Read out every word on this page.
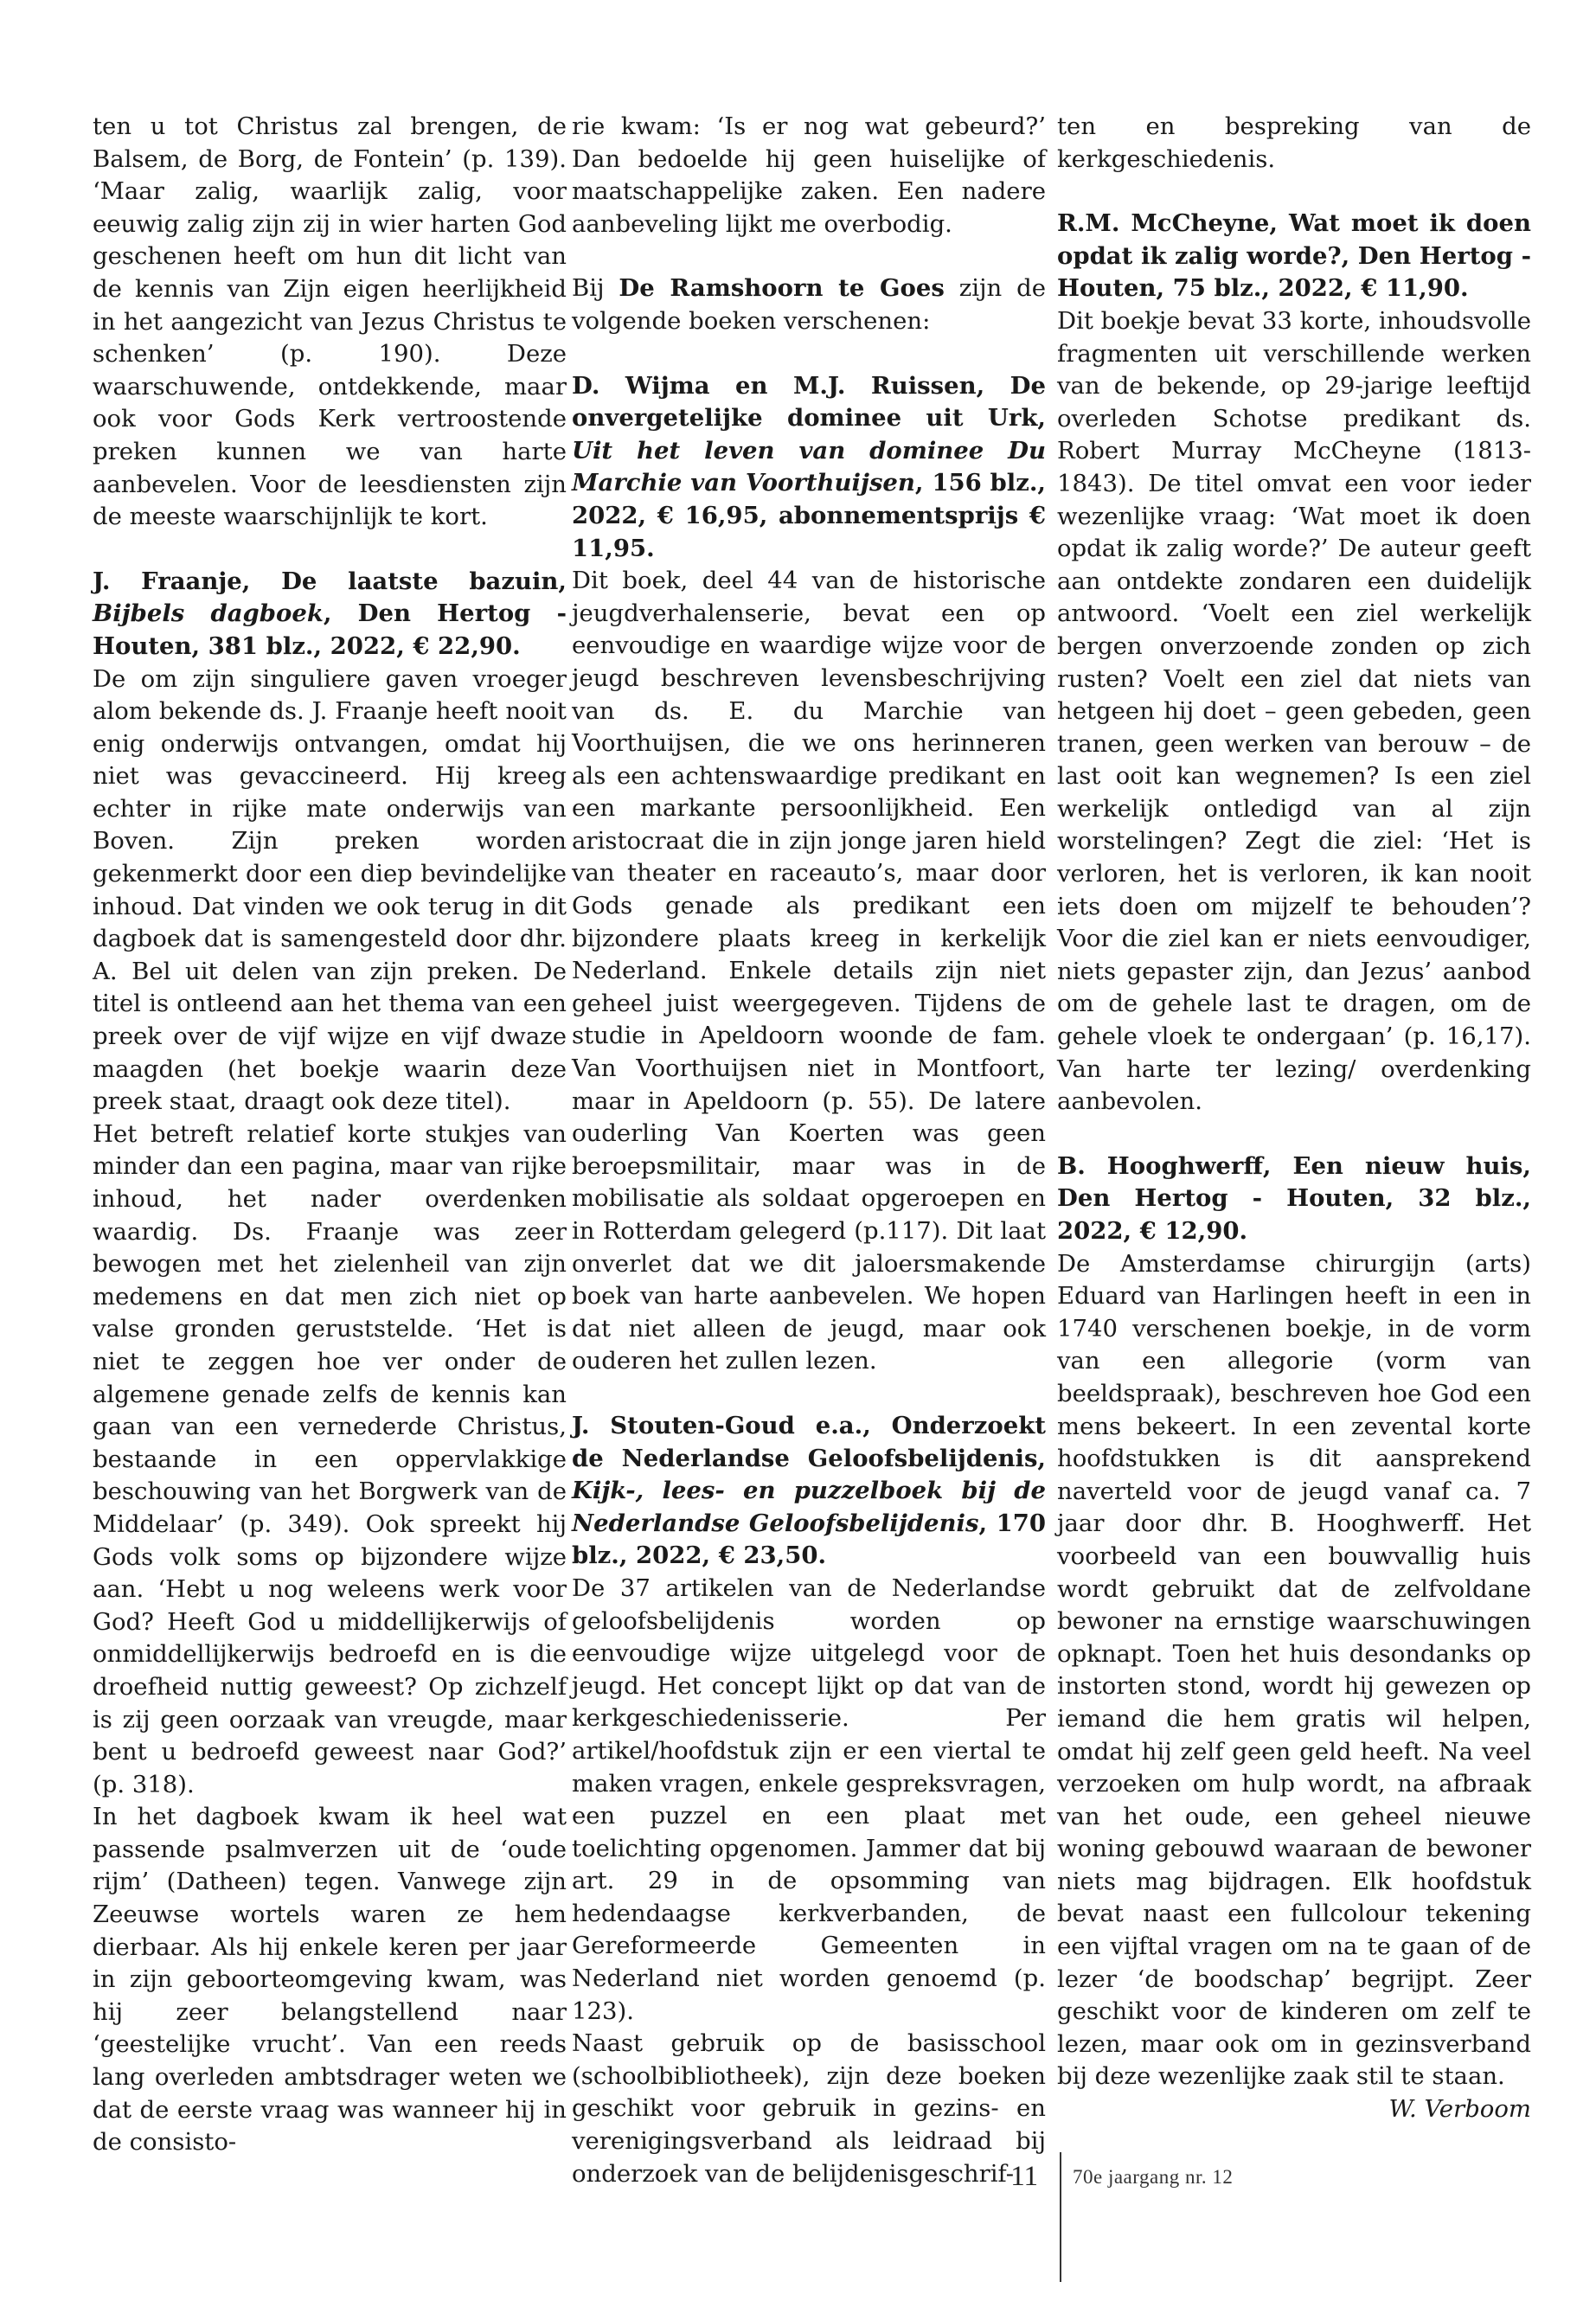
ten u tot Christus zal brengen, de Balsem, de Borg, de Fontein’ (p. 139). ‘Maar zalig, waarlijk zalig, voor eeuwig zalig zijn zij in wier harten God geschenen heeft om hun dit licht van de kennis van Zijn eigen heerlijkheid in het aangezicht van Jezus Christus te schenken’ (p. 190). Deze waarschuwende, ontdekkende, maar ook voor Gods Kerk vertroostende preken kunnen we van harte aanbevelen. Voor de leesdiensten zijn de meeste waarschijnlijk te kort.

J. Fraanje, De laatste bazuin, Bijbels dagboek, Den Hertog - Houten, 381 blz., 2022, € 22,90.

De om zijn singuliere gaven vroeger alom bekende ds. J. Fraanje heeft nooit enig onderwijs ontvangen, omdat hij niet was gevaccineerd. Hij kreeg echter in rijke mate onderwijs van Boven. Zijn preken worden gekenmerkt door een diep bevindelijke inhoud. Dat vinden we ook terug in dit dagboek dat is samengesteld door dhr. A. Bel uit delen van zijn preken. De titel is ontleend aan het thema van een preek over de vijf wijze en vijf dwaze maagden (het boekje waarin deze preek staat, draagt ook deze titel).

Het betreft relatief korte stukjes van minder dan een pagina, maar van rijke inhoud, het nader overdenken waardig. Ds. Fraanje was zeer bewogen met het zielenheil van zijn medemens en dat men zich niet op valse gronden geruststelde. ‘Het is niet te zeggen hoe ver onder de algemene genade zelfs de kennis kan gaan van een vernederde Christus, bestaande in een oppervlakkige beschouwing van het Borgwerk van de Middelaar’ (p. 349). Ook spreekt hij Gods volk soms op bijzondere wijze aan. ‘Hebt u nog weleens werk voor God? Heeft God u middellijkerwijs of onmiddellijkerwijs bedroefd en is die droefheid nuttig geweest? Op zichzelf is zij geen oorzaak van vreugde, maar bent u bedroefd geweest naar God?’ (p. 318).

In het dagboek kwam ik heel wat passende psalmverzen uit de ‘oude rijm’ (Datheen) tegen. Vanwege zijn Zeeuwse wortels waren ze hem dierbaar. Als hij enkele keren per jaar in zijn geboorteomgeving kwam, was hij zeer belangstellend naar ‘geestelijke vrucht’. Van een reeds lang overleden ambtsdrager weten we dat de eerste vraag was wanneer hij in de consisto-

rie kwam: ‘Is er nog wat gebeurd?’ Dan bedoelde hij geen huiselijke of maatschappelijke zaken. Een nadere aanbeveling lijkt me overbodig.

Bij De Ramshoorn te Goes zijn de volgende boeken verschenen:

D. Wijma en M.J. Ruissen, De onvergetelijke dominee uit Urk, Uit het leven van dominee Du Marchie van Voorthuijsen, 156 blz., 2022, € 16,95, abonnementsprijs € 11,95.

Dit boek, deel 44 van de historische jeugdverhalenserie, bevat een op eenvoudige en waardige wijze voor de jeugd beschreven levensbeschrijving van ds. E. du Marchie van Voorthuijsen, die we ons herinneren als een achtenswaardige predikant en een markante persoonlijkheid. Een aristocraat die in zijn jonge jaren hield van theater en raceauto’s, maar door Gods genade als predikant een bijzondere plaats kreeg in kerkelijk Nederland. Enkele details zijn niet geheel juist weergegeven. Tijdens de studie in Apeldoorn woonde de fam. Van Voorthuijsen niet in Montfoort, maar in Apeldoorn (p. 55). De latere ouderling Van Koerten was geen beroepsmilitair, maar was in de mobilisatie als soldaat opgeroepen en in Rotterdam gelegerd (p.117). Dit laat onverlet dat we dit jaloersmakende boek van harte aanbevelen. We hopen dat niet alleen de jeugd, maar ook ouderen het zullen lezen.

J. Stouten-Goud e.a., Onderzoekt de Nederlandse Geloofsbelijdenis, Kijk-, lees- en puzzelboek bij de Nederlandse Geloofsbelijdenis, 170 blz., 2022, € 23,50.

De 37 artikelen van de Nederlandse geloofsbelijdenis worden op eenvoudige wijze uitgelegd voor de jeugd. Het concept lijkt op dat van de kerkgeschiedenisserie. Per artikel/hoofdstuk zijn er een viertal te maken vragen, enkele gespreksvragen, een puzzel en een plaat met toelichting opgenomen. Jammer dat bij art. 29 in de opsomming van hedendaagse kerkverbanden, de Gereformeerde Gemeenten in Nederland niet worden genoemd (p. 123).

Naast gebruik op de basisschool (schoolbibliotheek), zijn deze boeken geschikt voor gebruik in gezins- en verenigingsverband als leidraad bij onderzoek van de belijdenisgeschrif-

ten en bespreking van de kerkgeschiedenis.

R.M. McCheyne, Wat moet ik doen opdat ik zalig worde?, Den Hertog - Houten, 75 blz., 2022, € 11,90.

Dit boekje bevat 33 korte, inhoudsvolle fragmenten uit verschillende werken van de bekende, op 29-jarige leeftijd overleden Schotse predikant ds. Robert Murray McCheyne (1813-1843). De titel omvat een voor ieder wezenlijke vraag: ‘Wat moet ik doen opdat ik zalig worde?’ De auteur geeft aan ontdekte zondaren een duidelijk antwoord. ‘Voelt een ziel werkelijk bergen onverzoende zonden op zich rusten? Voelt een ziel dat niets van hetgeen hij doet – geen gebeden, geen tranen, geen werken van berouw – de last ooit kan wegnemen? Is een ziel werkelijk ontledigd van al zijn worstelingen? Zegt die ziel: ‘Het is verloren, het is verloren, ik kan nooit iets doen om mijzelf te behouden’? Voor die ziel kan er niets eenvoudiger, niets gepaster zijn, dan Jezus’ aanbod om de gehele last te dragen, om de gehele vloek te ondergaan’ (p. 16,17). Van harte ter lezing/ overdenking aanbevolen.

B. Hooghwerff, Een nieuw huis, Den Hertog - Houten, 32 blz., 2022, € 12,90.

De Amsterdamse chirurgijn (arts) Eduard van Harlingen heeft in een in 1740 verschenen boekje, in de vorm van een allegorie (vorm van beeldspraak), beschreven hoe God een mens bekeert. In een zevental korte hoofdstukken is dit aansprekend naverteld voor de jeugd vanaf ca. 7 jaar door dhr. B. Hooghwerff. Het voorbeeld van een bouwvallig huis wordt gebruikt dat de zelfvoldane bewoner na ernstige waarschuwingen opknapt. Toen het huis desondanks op instorten stond, wordt hij gewezen op iemand die hem gratis wil helpen, omdat hij zelf geen geld heeft. Na veel verzoeken om hulp wordt, na afbraak van het oude, een geheel nieuwe woning gebouwd waaraan de bewoner niets mag bijdragen. Elk hoofdstuk bevat naast een fullcolour tekening een vijftal vragen om na te gaan of de lezer ‘de boodschap’ begrijpt. Zeer geschikt voor de kinderen om zelf te lezen, maar ook om in gezinsverband bij deze wezenlijke zaak stil te staan.

W. Verboom

11 70e jaargang nr. 12
